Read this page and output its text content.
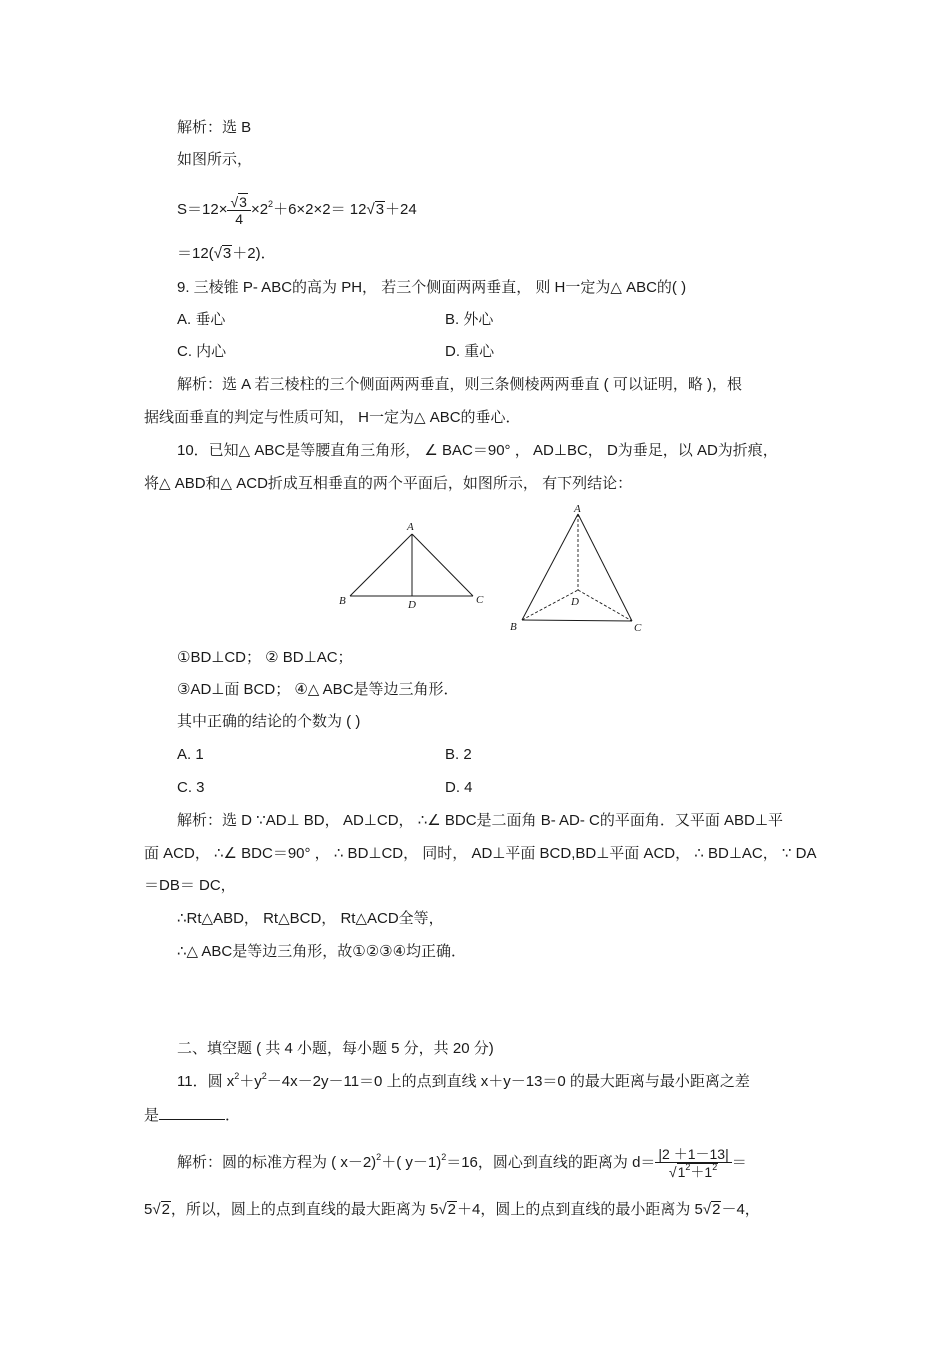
解析：选 B
如图所示，
$S=12\times \frac{√3}{4} \times 2^2+6\times 2\times 2= 12√3+24$
＝12(√3＋2)．
9. 三棱锥 P- ABC的高为 PH， 若三个侧面两两垂直， 则 H一定为△ ABC的( )
A. 垂心	B. 外心
C. 内心	D. 重心
解析：选 A 若三棱柱的三个侧面两两垂直，则三条侧棱两两垂直 ( 可以证明，略 )，根
据线面垂直的判定与性质可知， H一定为△ ABC的垂心．
10．已知△ ABC是等腰直角三角形， ∠ BAC＝90° ， AD⊥BC， D为垂足，以 AD为折痕，
将△ ABD和△ ACD折成互相垂直的两个平面后，如图所示， 有下列结论：
A
B	C
D
A
B	C
D
①BD⊥CD； ② BD⊥AC；
③AD⊥面 BCD； ④△ ABC是等边三角形．
其中正确的结论的个数为 ( )
A. 1	B. 2
C. 3	D. 4
解析：选 D ∵AD⊥ BD， AD⊥CD， ∴∠ BDC是二面角 B- AD- C的平面角．又平面 ABD⊥平
面 ACD， ∴∠ BDC＝90° ， ∴ BD⊥CD， 同时， AD⊥平面 BCD,BD⊥平面 ACD， ∴ BD⊥AC， ∵ DA
＝DB＝ DC，
∴Rt△ABD， Rt△BCD， Rt△ACD全等，
∴△ ABC是等边三角形，故①②③④均正确．
二、填空题 ( 共 4 小题，每小题 5 分，共 20 分)
11．圆 $x^2+y^2-4x-2y-11=0$ 上的点到直线 x＋y－13＝0 的最大距离与最小距离之差
是	．
解析：圆的标准方程为 ( x－2)$^2$＋( y－1)$^2$＝16，圆心到直线的距离为 $d= \frac{|2 +1-13|}{√1^2+1^2}$ ＝
5√2，所以，圆上的点到直线的最大距离为 5√2＋4，圆上的点到直线的最小距离为 5√2－4，
